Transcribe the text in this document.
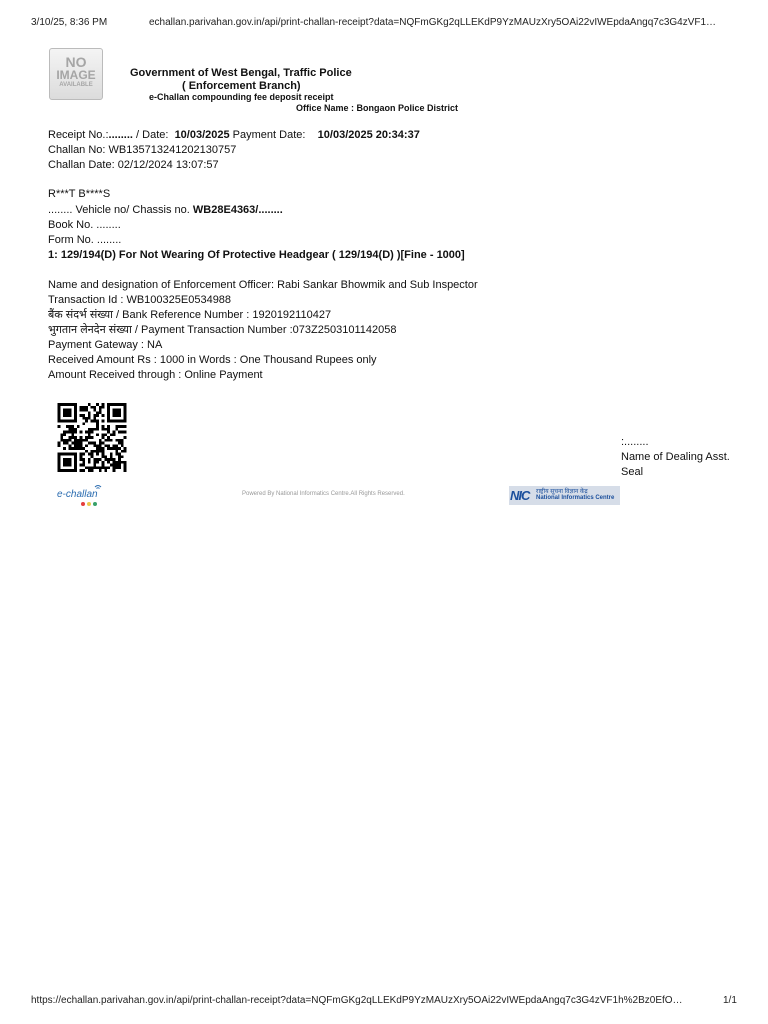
3/10/25, 8:36 PM	echallan.parivahan.gov.in/api/print-challan-receipt?data=NQFmGKg2qLLEKdP9YzMAUzXry5OAi22vIWEpdaAngq7c3G4zVF1…
NO
IMAGE
AVAILABLE
Government of West Bengal, Traffic Police
( Enforcement Branch)
e-Challan compounding fee deposit receipt
Office Name : Bongaon Police District
Receipt No.:........ / Date:  10/03/2025 Payment Date:    10/03/2025 20:34:37
Challan No: WB135713241202130757
Challan Date: 02/12/2024 13:07:57
R***T B****S
........ Vehicle no/ Chassis no. WB28E4363/........
Book No. ........
Form No. ........
1: 129/194(D) For Not Wearing Of Protective Headgear ( 129/194(D) )[Fine - 1000]
Name and designation of Enforcement Officer: Rabi Sankar Bhowmik and Sub Inspector
Transaction Id : WB100325E0534988
बैंक संदर्भ संख्या / Bank Reference Number : 1920192110427
भुगतान लेनदेन संख्या / Payment Transaction Number :073Z2503101142058
Payment Gateway : NA
Received Amount Rs : 1000 in Words : One Thousand Rupees only
Amount Received through : Online Payment
:........
Name of Dealing Asst.
Seal
e-challan	Powered By National Informatics Centre.All Rights Reserved.	NIC राष्ट्रीय सूचना विज्ञान केंद्र
National Informatics Centre
https://echallan.parivahan.gov.in/api/print-challan-receipt?data=NQFmGKg2qLLEKdP9YzMAUzXry5OAi22vIWEpdaAngq7c3G4zVF1h%2Bz0EfO…	1/1
